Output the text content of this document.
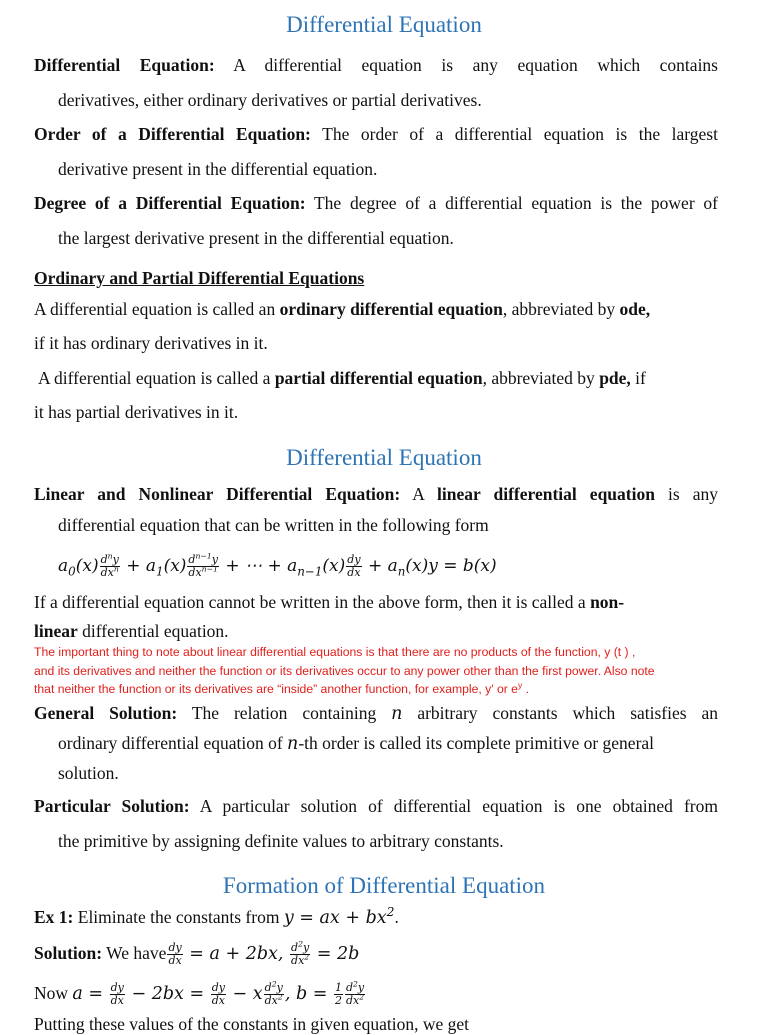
Differential Equation
Differential Equation: A differential equation is any equation which contains
derivatives, either ordinary derivatives or partial derivatives.
Order of a Differential Equation: The order of a differential equation is the largest
derivative present in the differential equation.
Degree of a Differential Equation: The degree of a differential equation is the power of
the largest derivative present in the differential equation.
Ordinary and Partial Differential Equations
A differential equation is called an ordinary differential equation, abbreviated by ode,
if it has ordinary derivatives in it.
A differential equation is called a partial differential equation, abbreviated by pde, if
it has partial derivatives in it.
Differential Equation
Linear and Nonlinear Differential Equation: A linear differential equation is any
differential equation that can be written in the following form
$a_0(x) \frac{d^ny}{dx^n} + a_1(x) \frac{d^{n-1}y}{dx^{n-1}}$ + ⋯ + $a_{n-1}(x) \frac{dy}{dx} + a_n(x)y = b(x)$
If a differential equation cannot be written in the above form, then it is called a non-
linear differential equation.
The important thing to note about linear differential equations is that there are no products of the function, y (t ) ,
and its derivatives and neither the function or its derivatives occur to any power other than the first power. Also note
that neither the function or its derivatives are “inside” another function, for example, y′ or $e^y$ .
General Solution: The relation containing n arbitrary constants which satisfies an
ordinary differential equation of n-th order is called its complete primitive or general
solution.
Particular Solution: A particular solution of differential equation is one obtained from
the primitive by assigning definite values to arbitrary constants.
Formation of Differential Equation
Ex 1: Eliminate the constants from y = ax + $bx^2$.
Solution: We have $\frac{dy}{dx} = a + 2bx$, $\frac{d^2y}{dx^2} = 2b$
Now $a = \frac{dy}{dx} - 2bx = \frac{dy}{dx} - x \frac{d^2y}{dx^2}$ , $b = \frac{1}{2} \frac{d^2y}{dx^2}$
Putting these values of the constants in given equation, we get
